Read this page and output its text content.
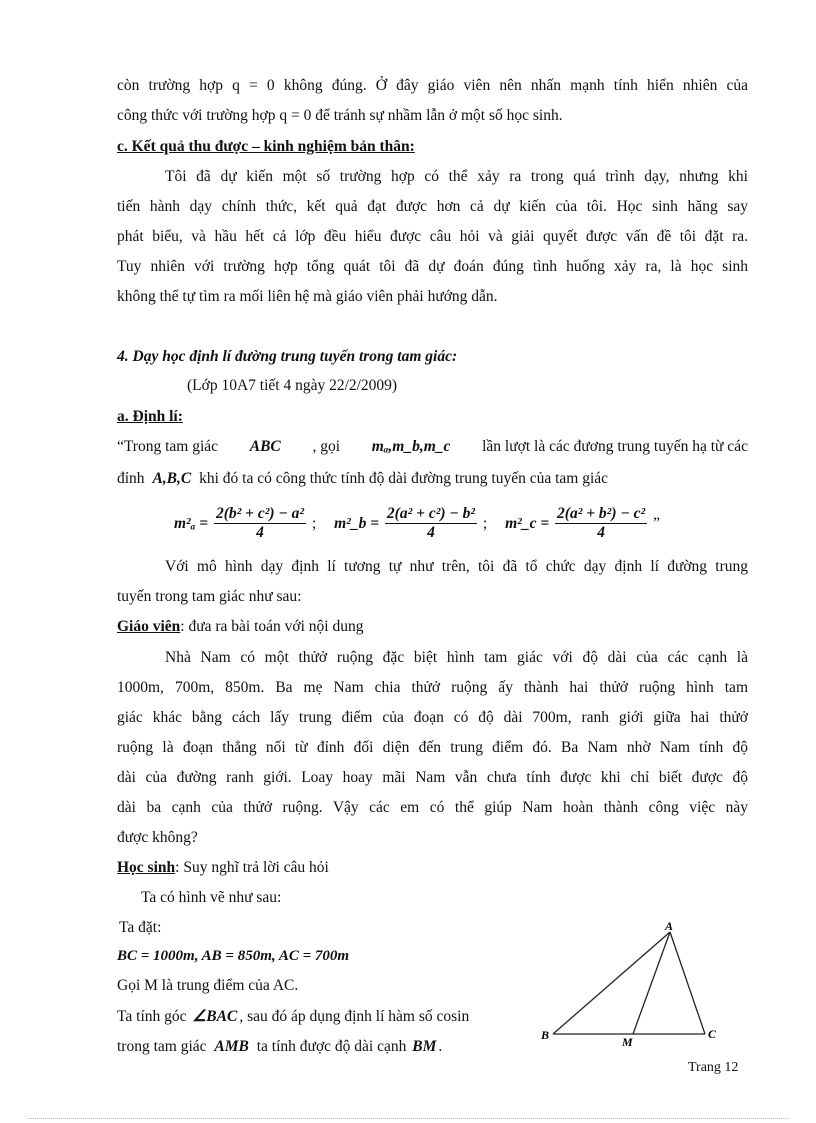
còn trường hợp q = 0 không đúng. Ở đây giáo viên nên nhấn mạnh tính hiển nhiên của
công thức với trường hợp q = 0 để tránh sự nhầm lẫn ở một số học sinh.
c. Kết quả thu được – kinh nghiệm bản thân:
Tôi đã dự kiến một số trường hợp có thể xảy ra trong quá trình dạy, nhưng khi
tiến hành dạy chính thức, kết quả đạt được hơn cả dự kiến của tôi. Học sinh hăng say
phát biểu, và hầu hết cả lớp đều hiểu được câu hỏi và giải quyết được vấn đề tôi đặt ra.
Tuy nhiên với trường hợp tổng quát tôi đã dự đoán đúng tình huống xảy ra, là học sinh
không thể tự tìm ra mối liên hệ mà giáo viên phải hướng dẫn.
4. Dạy học định lí đường trung tuyến trong tam giác:
(Lớp 10A7 tiết 4 ngày 22/2/2009)
a. Định lí:
“Trong tam giác ABC , gọi mₐ,m_b,m_c lần lượt là các đương trung tuyến hạ từ các
đỉnh A,B,C khi đó ta có công thức tính độ dài đường trung tuyến của tam giác
$m^2_a = \frac{\text{2(b² + c²) − a²}}{4}$ ; m²_b = $\frac{\text{2(a² + c²) − b²}}{4}$ ; m²_c = $\frac{\text{2(a² + b²) − c²}}{4}$ ”
Với mô hình dạy định lí tương tự như trên, tôi đã tổ chức dạy định lí đường trung
tuyến trong tam giác như sau:
Giáo viên: đưa ra bài toán với nội dung
Nhà Nam có một thửở ruộng đặc biệt hình tam giác với độ dài của các cạnh là
1000m, 700m, 850m. Ba mẹ Nam chia thửở ruộng ấy thành hai thửở ruộng hình tam
giác khác bằng cách lấy trung điểm của đoạn có độ dài 700m, ranh giới giữa hai thửở
ruộng là đoạn thẳng nối từ đỉnh đối diện đến trung điểm đó. Ba Nam nhờ Nam tính độ
dài của đường ranh giới. Loay hoay mãi Nam vẫn chưa tính được khi chỉ biết được độ
dài ba cạnh của thửở ruộng. Vậy các em có thể giúp Nam hoàn thành công việc này
được không?
Học sinh: Suy nghĩ trả lời câu hỏi
Ta có hình vẽ như sau:
Ta đặt:
BC = 1000m, AB = 850m, AC = 700m
Gọi M là trung điểm của AC.
Ta tính góc ∠BAC , sau đó áp dụng định lí hàm số cosin
trong tam giác AMB ta tính được độ dài cạnh BM .
A
B	C
M
Trang 12
